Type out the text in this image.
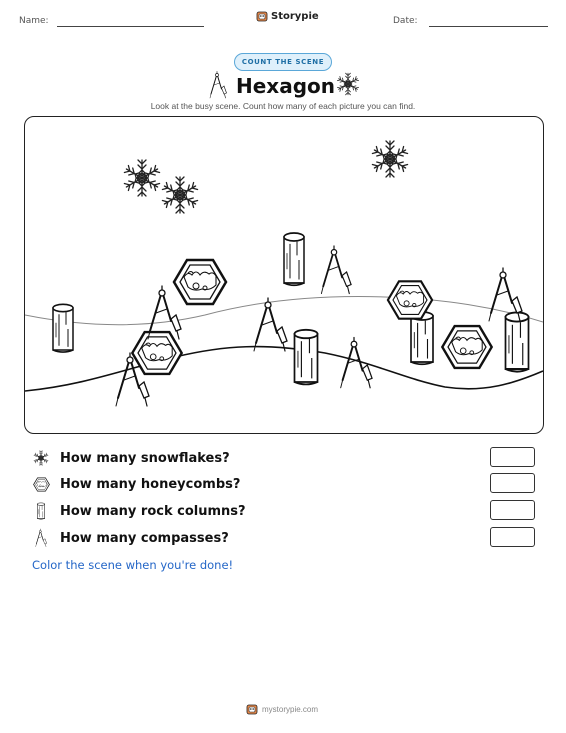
Name:	Storypie	Date:
COUNT THE SCENE
Hexagon
Look at the busy scene. Count how many of each picture you can find.
How many snowflakes?
How many honeycombs?
How many rock columns?
How many compasses?
Color the scene when you're done!
mystorypie.com
